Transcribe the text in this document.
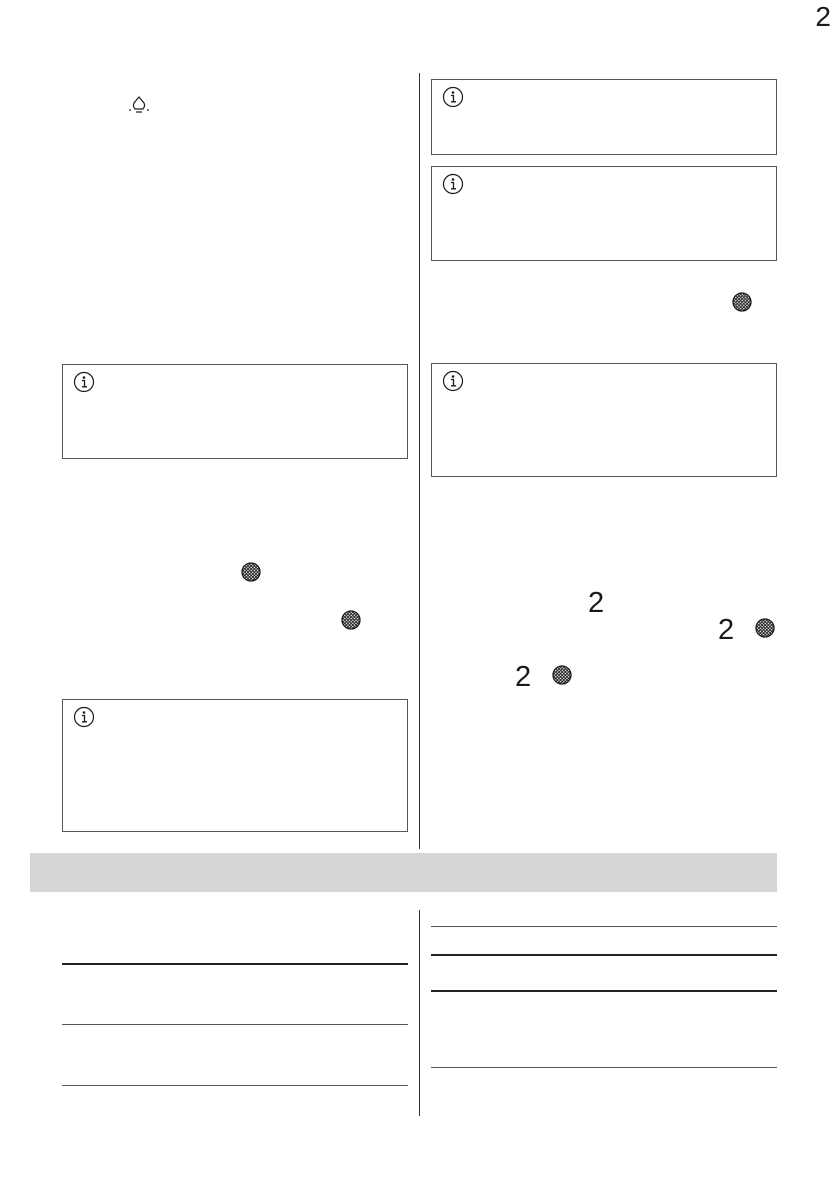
2
2
2
2
